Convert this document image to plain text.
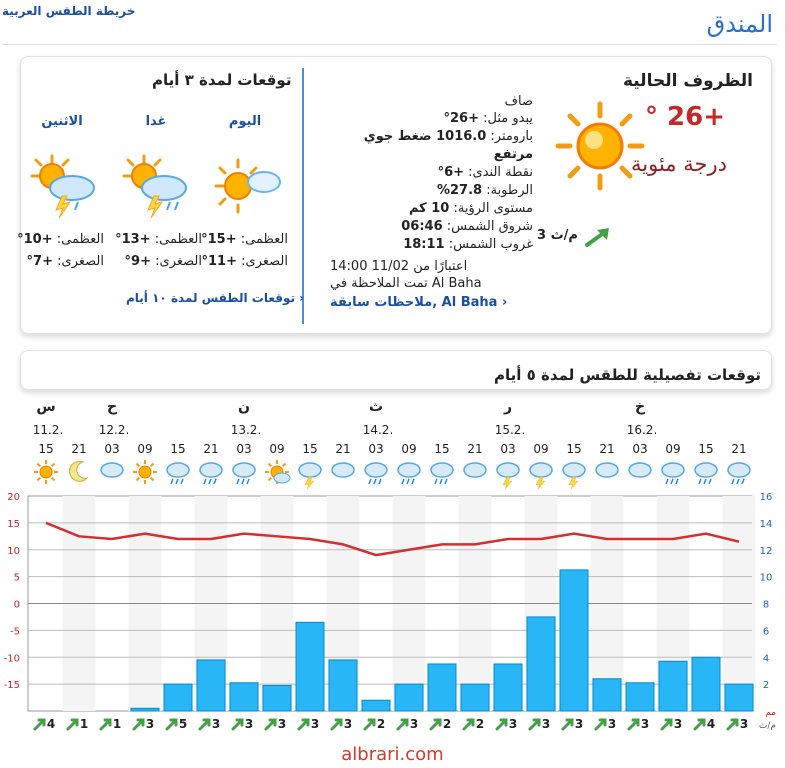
خريطة الطقس العربية	المندق
الظروف الحالية
+26 °
درجة مئوية
صاف
يبدو مثل: +26°
بارومتر: 1016.0 ضغط جوي
مرتفع
نقطة الندى: +6°
الرطوبة: 27.8%
مستوى الرؤية: 10 كم
شروق الشمس: 06:46
غروب الشمس: 18:11
3 م/ث
اعتبارًا من 11/02 14:00
تمت الملاحظة في Al Baha
ملاحظات سابقة, Al Baha ›
توقعات لمدة ٣ أيام
اليوم
غدا
الاثنين
العظمى: +15°
الصغرى: +11°
العظمى: +13°
الصغرى: +9°
العظمى: +10°
الصغرى: +7°
توقعات الطقس لمدة ١٠ أيام ›
توقعات تفصيلية للطقس لمدة ٥ أيام
س	ح	ن	ث	ر	خ
11.2.	12.2.	13.2.	14.2.	15.2.	16.2.
15 21 03 09 15 21 03 09 15 21 03 09 15 21 03 09 15 21 03 09 15 21
20
15
10
5
0
-5
-10
-15
16
14
12
10
8
6
4
2
4 1 1 3 5 3 3 3 3 3 2 3 2 2 3 3 3 3 3 3 4 3 م/ث
مم
albrari.com
